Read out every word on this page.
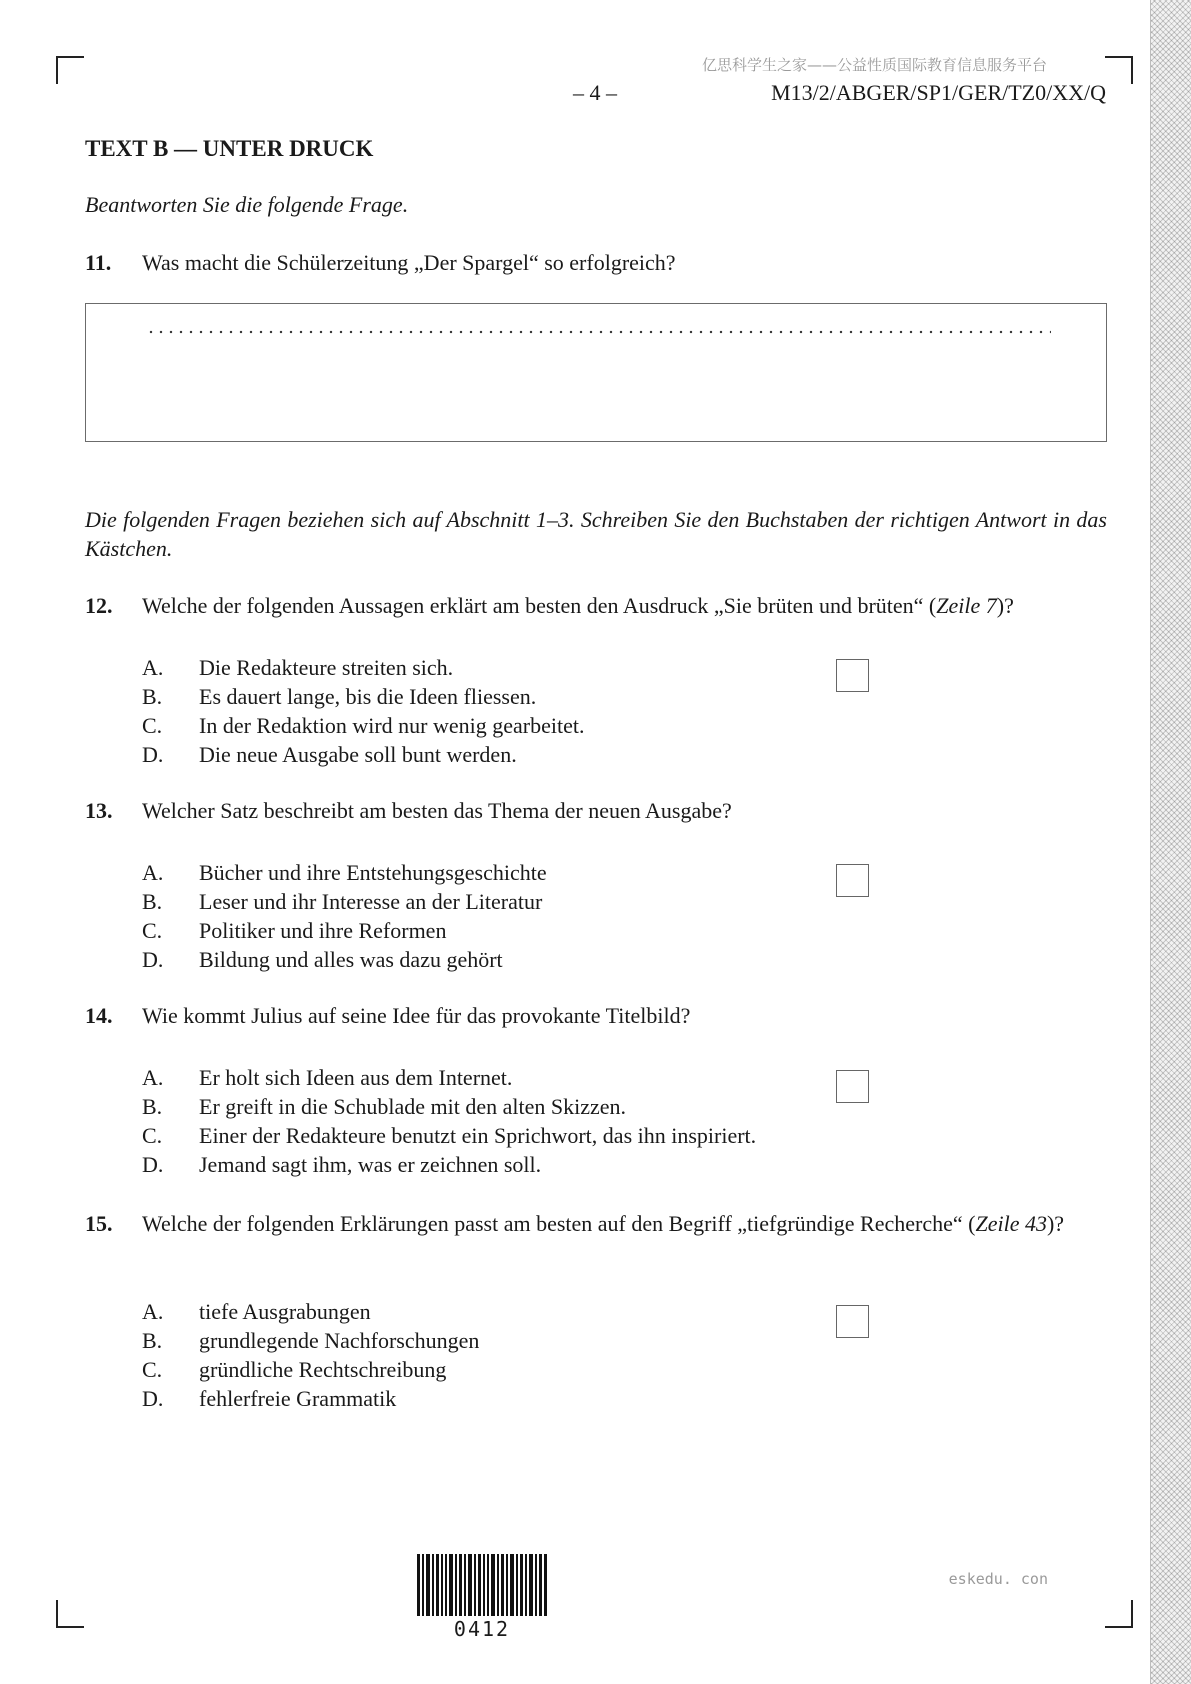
亿思科学生之家——公益性质国际教育信息服务平台
– 4 –	M13/2/ABGER/SP1/GER/TZ0/XX/Q
TEXT B — UNTER DRUCK
Beantworten Sie die folgende Frage.
11. Was macht die Schülerzeitung „Der Spargel“ so erfolgreich?
Die folgenden Fragen beziehen sich auf Abschnitt 1–3. Schreiben Sie den Buchstaben der richtigen Antwort in das Kästchen.
12. Welche der folgenden Aussagen erklärt am besten den Ausdruck „Sie brüten und brüten“ (Zeile 7)?
A. Die Redakteure streiten sich.
B. Es dauert lange, bis die Ideen fliessen.
C. In der Redaktion wird nur wenig gearbeitet.
D. Die neue Ausgabe soll bunt werden.
13. Welcher Satz beschreibt am besten das Thema der neuen Ausgabe?
A. Bücher und ihre Entstehungsgeschichte
B. Leser und ihr Interesse an der Literatur
C. Politiker und ihre Reformen
D. Bildung und alles was dazu gehört
14. Wie kommt Julius auf seine Idee für das provokante Titelbild?
A. Er holt sich Ideen aus dem Internet.
B. Er greift in die Schublade mit den alten Skizzen.
C. Einer der Redakteure benutzt ein Sprichwort, das ihn inspiriert.
D. Jemand sagt ihm, was er zeichnen soll.
15. Welche der folgenden Erklärungen passt am besten auf den Begriff „tiefgründige Recherche“ (Zeile 43)?
A. tiefe Ausgrabungen
B. grundlegende Nachforschungen
C. gründliche Rechtschreibung
D. fehlerfreie Grammatik
0412
eskedu. con
